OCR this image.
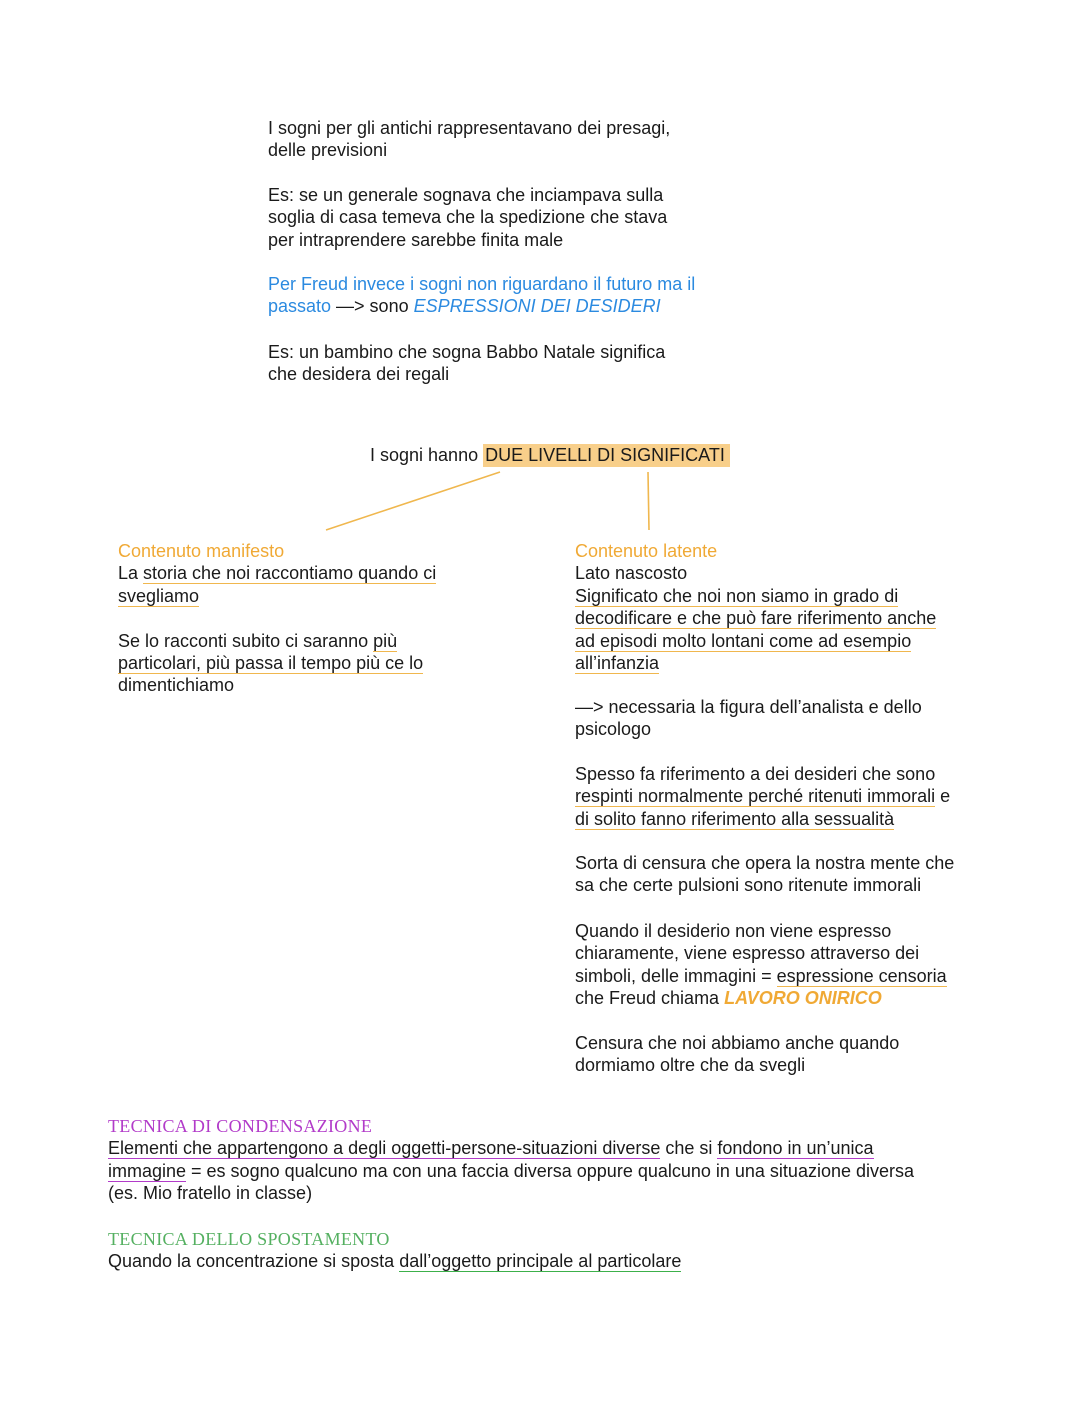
I sogni per gli antichi rappresentavano dei presagi,
delle previsioni
Es: se un generale sognava che inciampava sulla
soglia di casa temeva che la spedizione che stava
per intraprendere sarebbe finita male
Per Freud invece i sogni non riguardano il futuro ma il
passato —> sono ESPRESSIONI DEI DESIDERI
Es: un bambino che sogna Babbo Natale significa
che desidera dei regali
I sogni hanno DUE LIVELLI DI SIGNIFICATI
Contenuto manifesto
La storia che noi raccontiamo quando ci
svegliamo
Se lo racconti subito ci saranno più
particolari, più passa il tempo più ce lo
dimentichiamo
Contenuto latente
Lato nascosto
Significato che noi non siamo in grado di
decodificare e che può fare riferimento anche
ad episodi molto lontani come ad esempio
all’infanzia
—> necessaria la figura dell’analista e dello
psicologo
Spesso fa riferimento a dei desideri che sono
respinti normalmente perché ritenuti immorali e
di solito fanno riferimento alla sessualità
Sorta di censura che opera la nostra mente che
sa che certe pulsioni sono ritenute immorali
Quando il desiderio non viene espresso
chiaramente, viene espresso attraverso dei
simboli, delle immagini = espressione censoria
che Freud chiama LAVORO ONIRICO
Censura che noi abbiamo anche quando
dormiamo oltre che da svegli
TECNICA DI CONDENSAZIONE
Elementi che appartengono a degli oggetti-persone-situazioni diverse che si fondono in un’unica
immagine = es sogno qualcuno ma con una faccia diversa oppure qualcuno in una situazione diversa
(es. Mio fratello in classe)
TECNICA DELLO SPOSTAMENTO
Quando la concentrazione si sposta dall’oggetto principale al particolare
